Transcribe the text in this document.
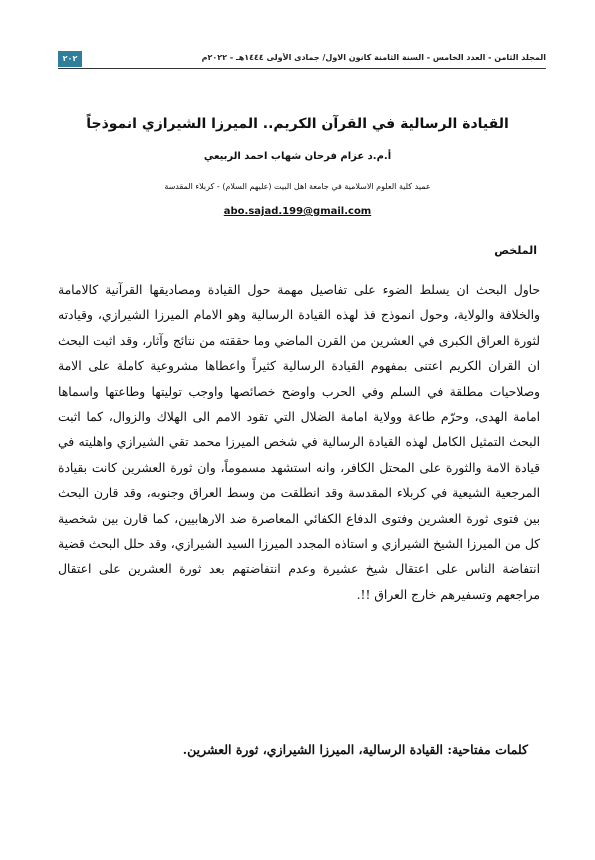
المجلد الثامن - العدد الخامس - السنة الثامنة كانون الاول/ جمادى الأولى ١٤٤٤هـ - ٢٠٢٢م
٢٠٢
القيادة الرسالية في القرآن الكريم.. الميرزا الشيرازي انموذجاً
أ.م.د عزام فرحان شهاب احمد الربيعي
عميد كلية العلوم الاسلامية في جامعة اهل البيت (عليهم السلام) - كربلاء المقدسة
abo.sajad.199@gmail.com
الملخص
حاول البحث ان يسلط الضوء على تفاصيل مهمة حول القيادة ومصاديقها القرآنية كالامامة والخلافة والولاية، وحول انموذج فذ لهذه القيادة الرسالية وهو الامام الميرزا الشيرازي، وقيادته لثورة العراق الكبرى في العشرين من القرن الماضي وما حققته من نتائج وآثار، وقد اثبت البحث ان القران الكريم اعتنى بمفهوم القيادة الرسالية كثيراً واعطاها مشروعية كاملة على الامة وصلاحيات مطلقة في السلم وفي الحرب واوضح خصائصها واوجب توليتها وطاعتها واسماها امامة الهدى، وحرّم طاعة وولاية امامة الضلال التي تقود الامم الى الهلاك والزوال، كما اثبت البحث التمثيل الكامل لهذه القيادة الرسالية في شخص الميرزا محمد تقي الشيرازي واهليته في قيادة الامة والثورة على المحتل الكافر، وانه استشهد مسموماً، وان ثورة العشرين كانت بقيادة المرجعية الشيعية في كربلاء المقدسة وقد انطلقت من وسط العراق وجنوبه، وقد قارن البحث بين فتوى ثورة العشرين وفتوى الدفاع الكفائي المعاصرة ضد الارهابيين، كما قارن بين شخصية كل من الميرزا الشيخ الشيرازي و استاذه المجدد الميرزا السيد الشيرازي، وقد حلل البحث قضية انتفاضة الناس على اعتقال شيخ عشيرة وعدم انتفاضتهم بعد ثورة العشرين على اعتقال مراجعهم وتسفيرهم خارج العراق !!.
كلمات مفتاحية: القيادة الرسالية، الميرزا الشيرازي، ثورة العشرين.
